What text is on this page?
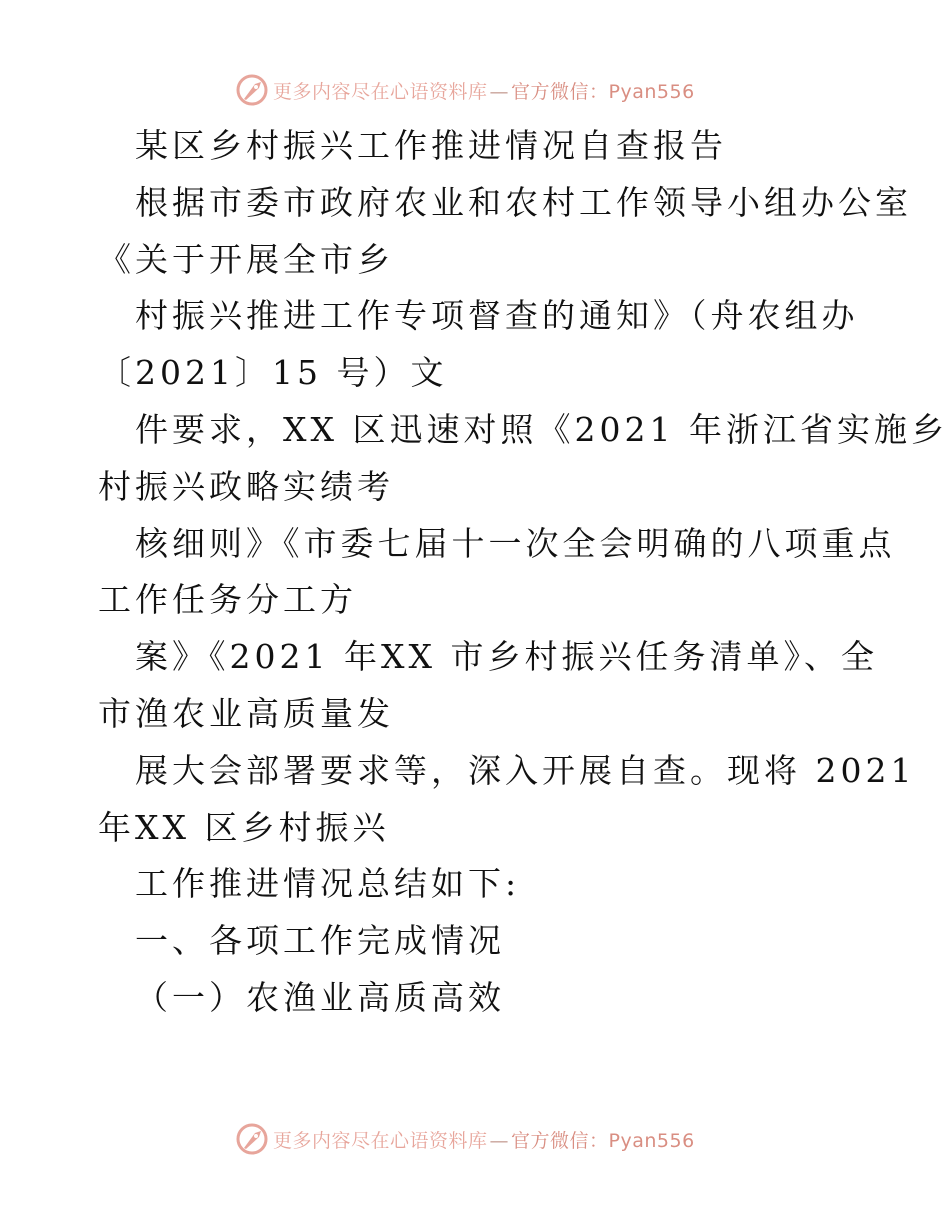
更多内容尽在心语资料库 — 官方微信：Pyan556
某区乡村振兴工作推进情况自查报告
根据市委市政府农业和农村工作领导小组办公室
《关于开展全市乡
村振兴推进工作专项督查的通知》（舟农组办
〔2021〕15 号）文
件要求，XX 区迅速对照《2021 年浙江省实施乡
村振兴政略实绩考
核细则》《市委七届十一次全会明确的八项重点
工作任务分工方
案》《2021 年XX 市乡村振兴任务清单》、全
市渔农业高质量发
展大会部署要求等，深入开展自查。现将 2021
年XX 区乡村振兴
工作推进情况总结如下:
一、各项工作完成情况
（一）农渔业高质高效
更多内容尽在心语资料库 — 官方微信：Pyan556
